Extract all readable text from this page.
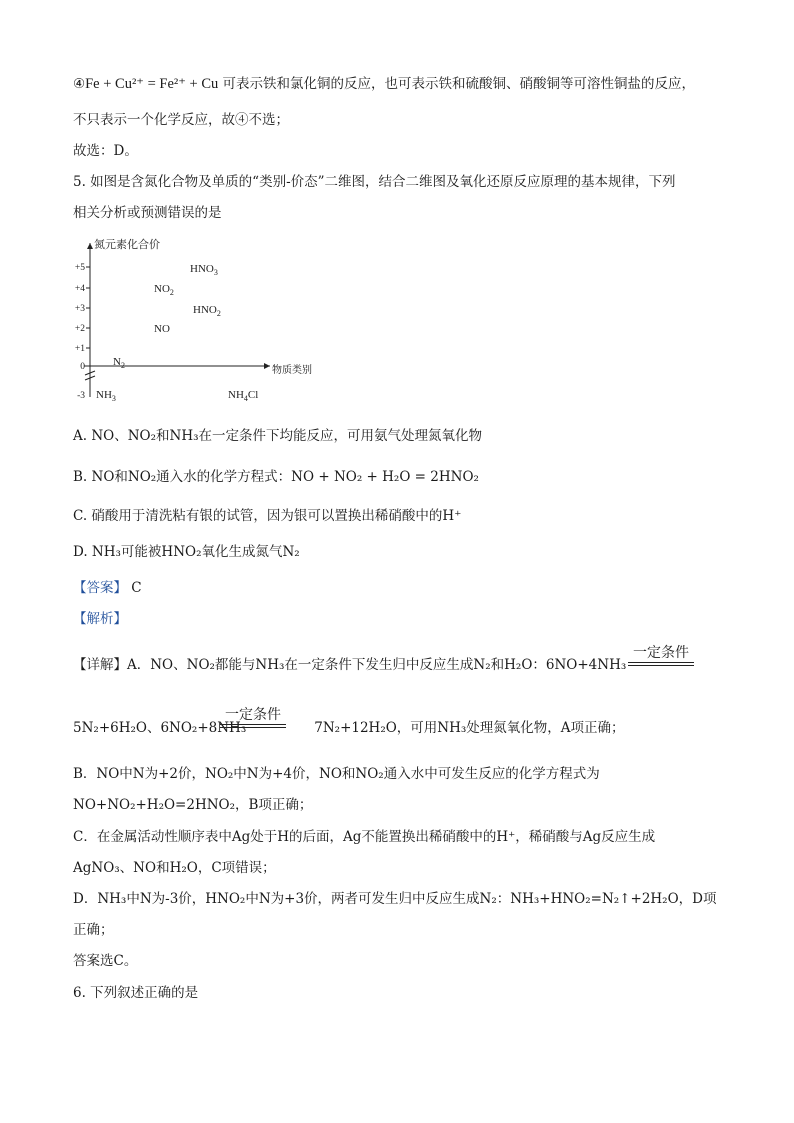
④Fe + Cu²⁺ = Fe²⁺ + Cu 可表示铁和氯化铜的反应，也可表示铁和硫酸铜、硝酸铜等可溶性铜盐的反应，
不只表示一个化学反应，故④不选；
故选：D。
5. 如图是含氮化合物及单质的“类别-价态”二维图，结合二维图及氧化还原反应原理的基本规律，下列
相关分析或预测错误的是
氮元素化合价
物质类别
+5
+4
+3
+2
+1
0
-3
$HNO_3$
$NO_2$
$HNO_2$
NO
$N_2$
$NH_3$	$NH_4Cl$
A. NO、NO₂和NH₃在一定条件下均能反应，可用氨气处理氮氧化物
B. NO和NO₂通入水的化学方程式：NO + NO₂ + H₂O = 2HNO₂
C. 硝酸用于清洗粘有银的试管，因为银可以置换出稀硝酸中的H⁺
D. NH₃可能被HNO₂氧化生成氮气N₂
【答案】 C
【解析】
【详解】A．NO、NO₂都能与NH₃在一定条件下发生归中反应生成N₂和H₂O：6NO+4NH₃
一定条件
5N₂+6H₂O、6NO₂+8NH₃	7N₂+12H₂O，可用NH₃处理氮氧化物，A项正确；
一定条件
B．NO中N为+2价，NO₂中N为+4价，NO和NO₂通入水中可发生反应的化学方程式为
NO+NO₂+H₂O=2HNO₂，B项正确；
C．在金属活动性顺序表中Ag处于H的后面，Ag不能置换出稀硝酸中的H⁺，稀硝酸与Ag反应生成
AgNO₃、NO和H₂O，C项错误；
D．NH₃中N为-3价，HNO₂中N为+3价，两者可发生归中反应生成N₂：NH₃+HNO₂=N₂↑+2H₂O，D项
正确；
答案选C。
6. 下列叙述正确的是
